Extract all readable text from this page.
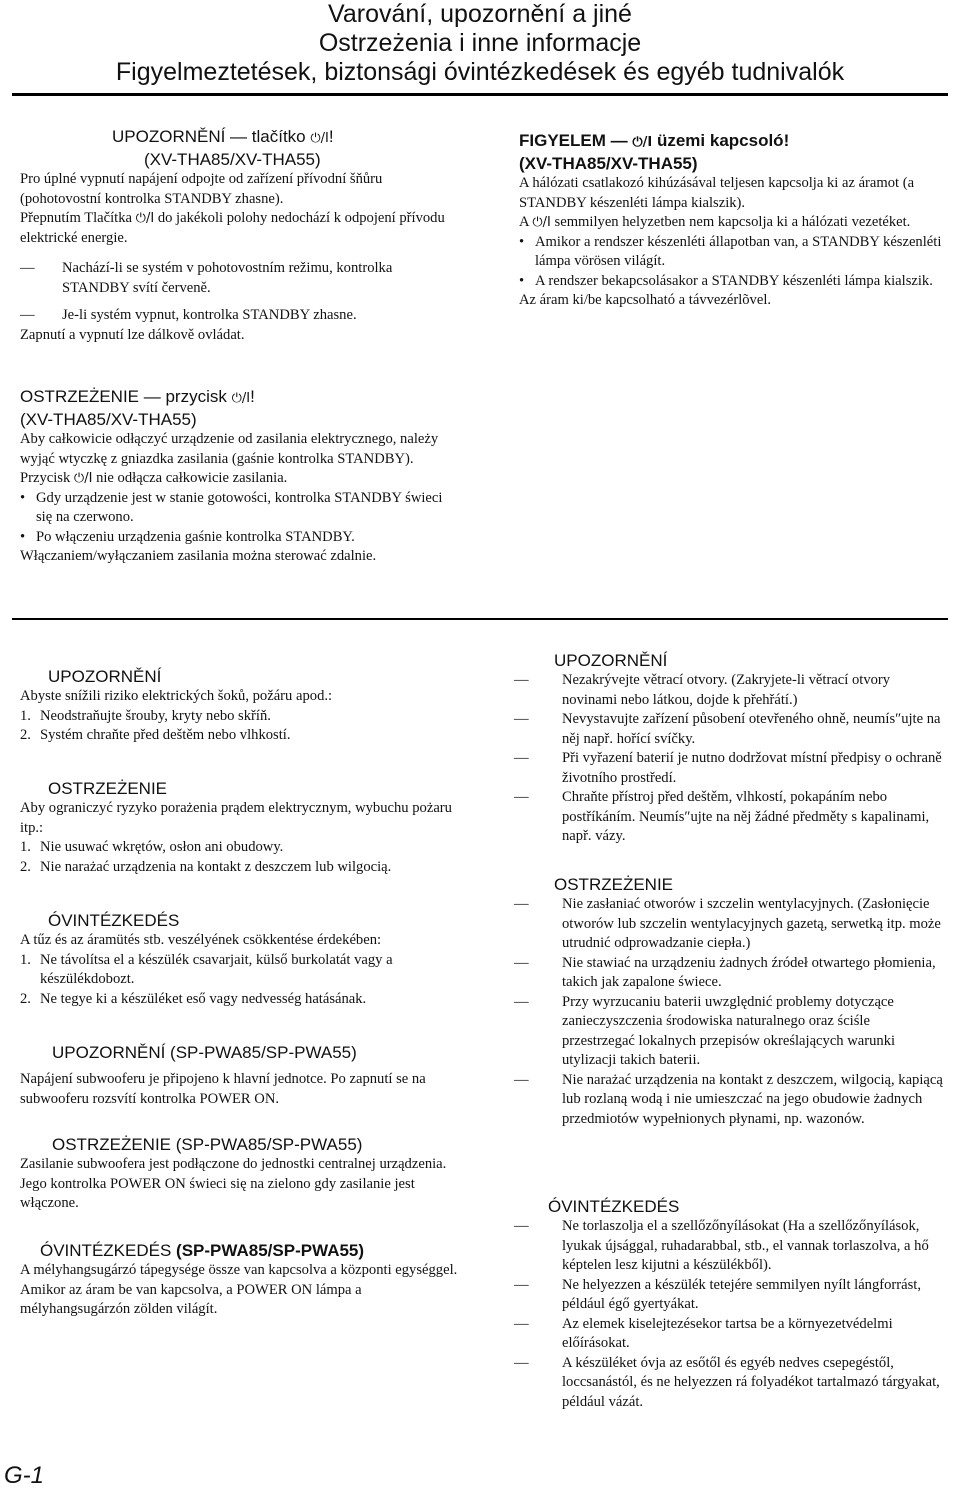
Varování, upozornění a jiné
Ostrzeżenia i inne informacje
Figyelmeztetések, biztonsági óvintézkedések és egyéb tudnivalók
UPOZORNĚNÍ — tlačítko ⏻/I!
(XV-THA85/XV-THA55)

Pro úplné vypnutí napájení odpojte od zařízení přívodní šňůru (pohotovostní kontrolka STANDBY zhasne).

Přepnutím Tlačítka ⏻/I do jakékoli polohy nedochází k odpojení přívodu elektrické energie.

—	Nachází-li se systém v pohotovostním režimu, kontrolka STANDBY svítí červeně.
—	Je-li systém vypnut, kontrolka STANDBY zhasne.

Zapnutí a vypnutí lze dálkově ovládat.

FIGYELEM — ⏻/I üzemi kapcsoló!
(XV-THA85/XV-THA55)

A hálózati csatlakozó kihúzásával teljesen kapcsolja ki az áramot (a STANDBY készenléti lámpa kialszik).

A ⏻/I semmilyen helyzetben nem kapcsolja ki a hálózati vezetéket.

• Amikor a rendszer készenléti állapotban van, a STANDBY készenléti lámpa vörösen világít.
• A rendszer bekapcsolásakor a STANDBY készenléti lámpa kialszik.

Az áram ki/be kapcsolható a távvezérlõvel.

OSTRZEŻENIE — przycisk ⏻/I!
(XV-THA85/XV-THA55)

Aby całkowicie odłączyć urządzenie od zasilania elektrycznego, należy wyjąć wtyczkę z gniazdka zasilania (gaśnie kontrolka STANDBY).

Przycisk ⏻/I nie odłącza całkowicie zasilania.

• Gdy urządzenie jest w stanie gotowości, kontrolka STANDBY świeci się na czerwono.
• Po włączeniu urządzenia gaśnie kontrolka STANDBY.

Włączaniem/wyłączaniem zasilania można sterować zdalnie.

UPOZORNĚNÍ

Abyste snížili riziko elektrických šoků, požáru apod.:

1. Neodstraňujte šrouby, kryty nebo skříň.
2. Systém chraňte před deštěm nebo vlhkostí.
OSTRZEŻENIE

Aby ograniczyć ryzyko porażenia prądem elektrycznym, wybuchu pożaru itp.:

1. Nie usuwać wkrętów, osłon ani obudowy.
2. Nie narażać urządzenia na kontakt z deszczem lub wilgocią.
ÓVINTÉZKEDÉS

A tűz és az áramütés stb. veszélyének csökkentése érdekében:

1. Ne távolítsa el a készülék csavarjait, külső burkolatát vagy a készülékdobozt.
2. Ne tegye ki a készüléket eső vagy nedvesség hatásának.
UPOZORNĚNÍ (SP-PWA85/SP-PWA55)

Napájení subwooferu je připojeno k hlavní jednotce. Po zapnutí se na subwooferu rozsvítí kontrolka POWER ON.

OSTRZEŻENIE (SP-PWA85/SP-PWA55)

Zasilanie subwoofera jest podłączone do jednostki centralnej urządzenia. Jego kontrolka POWER ON świeci się na zielono gdy zasilanie jest włączone.

ÓVINTÉZKEDÉS (SP-PWA85/SP-PWA55)

A mélyhangsugárzó tápegysége össze van kapcsolva a központi egységgel.

Amikor az áram be van kapcsolva, a POWER ON lámpa a mélyhangsugárzón zölden világít.

UPOZORNĚNÍ
— Nezakrývejte větrací otvory. (Zakryjete-li větrací otvory novinami nebo látkou, dojde k přehřátí.)
— Nevystavujte zařízení působení otevřeného ohně, neumís″ujte na něj např. hořící svíčky.
— Při vyřazení baterií je nutno dodržovat místní předpisy o ochraně životního prostředí.
— Chraňte přístroj před deštěm, vlhkostí, pokapáním nebo postříkáním. Neumís″ujte na něj žádné předměty s kapalinami, např. vázy.
OSTRZEŻENIE
— Nie zasłaniać otworów i szczelin wentylacyjnych. (Zasłonięcie otworów lub szczelin wentylacyjnych gazetą, serwetką itp. może utrudnić odprowadzanie ciepła.)
— Nie stawiać na urządzeniu żadnych źródeł otwartego płomienia, takich jak zapalone świece.
— Przy wyrzucaniu baterii uwzględnić problemy dotyczące zanieczyszczenia środowiska naturalnego oraz ściśle przestrzegać lokalnych przepisów określających warunki utylizacji takich baterii.
— Nie narażać urządzenia na kontakt z deszczem, wilgocią, kapiącą lub rozlaną wodą i nie umieszczać na jego obudowie żadnych przedmiotów wypełnionych płynami, np. wazonów.
ÓVINTÉZKEDÉS
— Ne torlaszolja el a szellőzőnyílásokat (Ha a szellőzőnyílások, lyukak újsággal, ruhadarabbal, stb., el vannak torlaszolva, a hő képtelen lesz kijutni a készülékből).
— Ne helyezzen a készülék tetejére semmilyen nyílt lángforrást, például égő gyertyákat.
— Az elemek kiselejtezésekor tartsa be a környezetvédelmi előírásokat.
— A készüléket óvja az esőtől és egyéb nedves csepegéstől, loccsanástól, és ne helyezzen rá folyadékot tartalmazó tárgyakat, például vázát.
G-1
